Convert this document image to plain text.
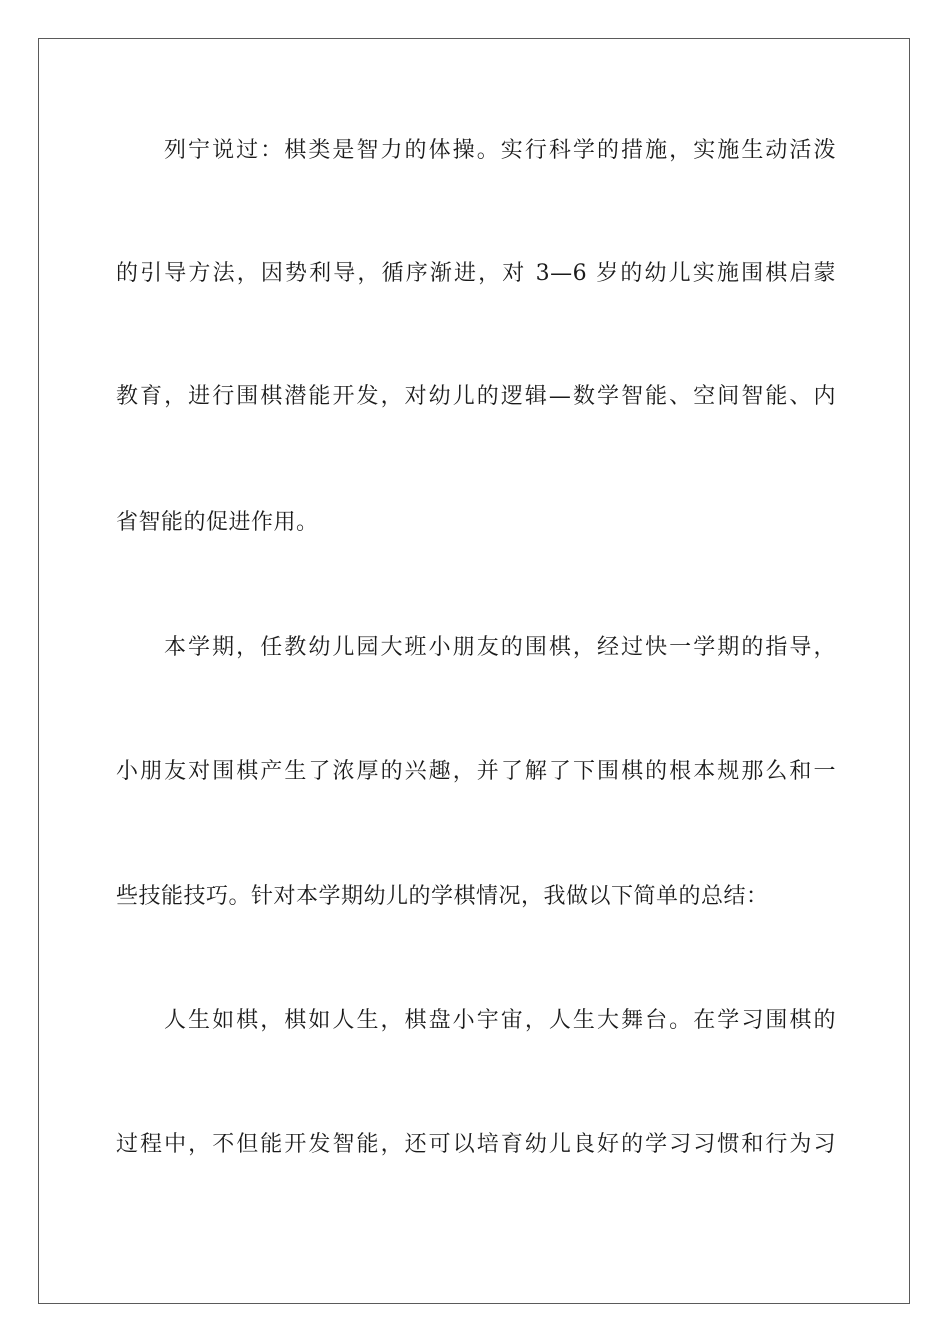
列宁说过：棋类是智力的体操。实行科学的措施，实施生动活泼
的引导方法，因势利导，循序渐进，对 3—6 岁的幼儿实施围棋启蒙
教育，进行围棋潜能开发，对幼儿的逻辑—数学智能、空间智能、内
省智能的促进作用。
本学期，任教幼儿园大班小朋友的围棋，经过快一学期的指导，
小朋友对围棋产生了浓厚的兴趣，并了解了下围棋的根本规那么和一
些技能技巧。针对本学期幼儿的学棋情况，我做以下简单的总结：
人生如棋，棋如人生，棋盘小宇宙，人生大舞台。在学习围棋的
过程中，不但能开发智能，还可以培育幼儿良好的学习习惯和行为习
